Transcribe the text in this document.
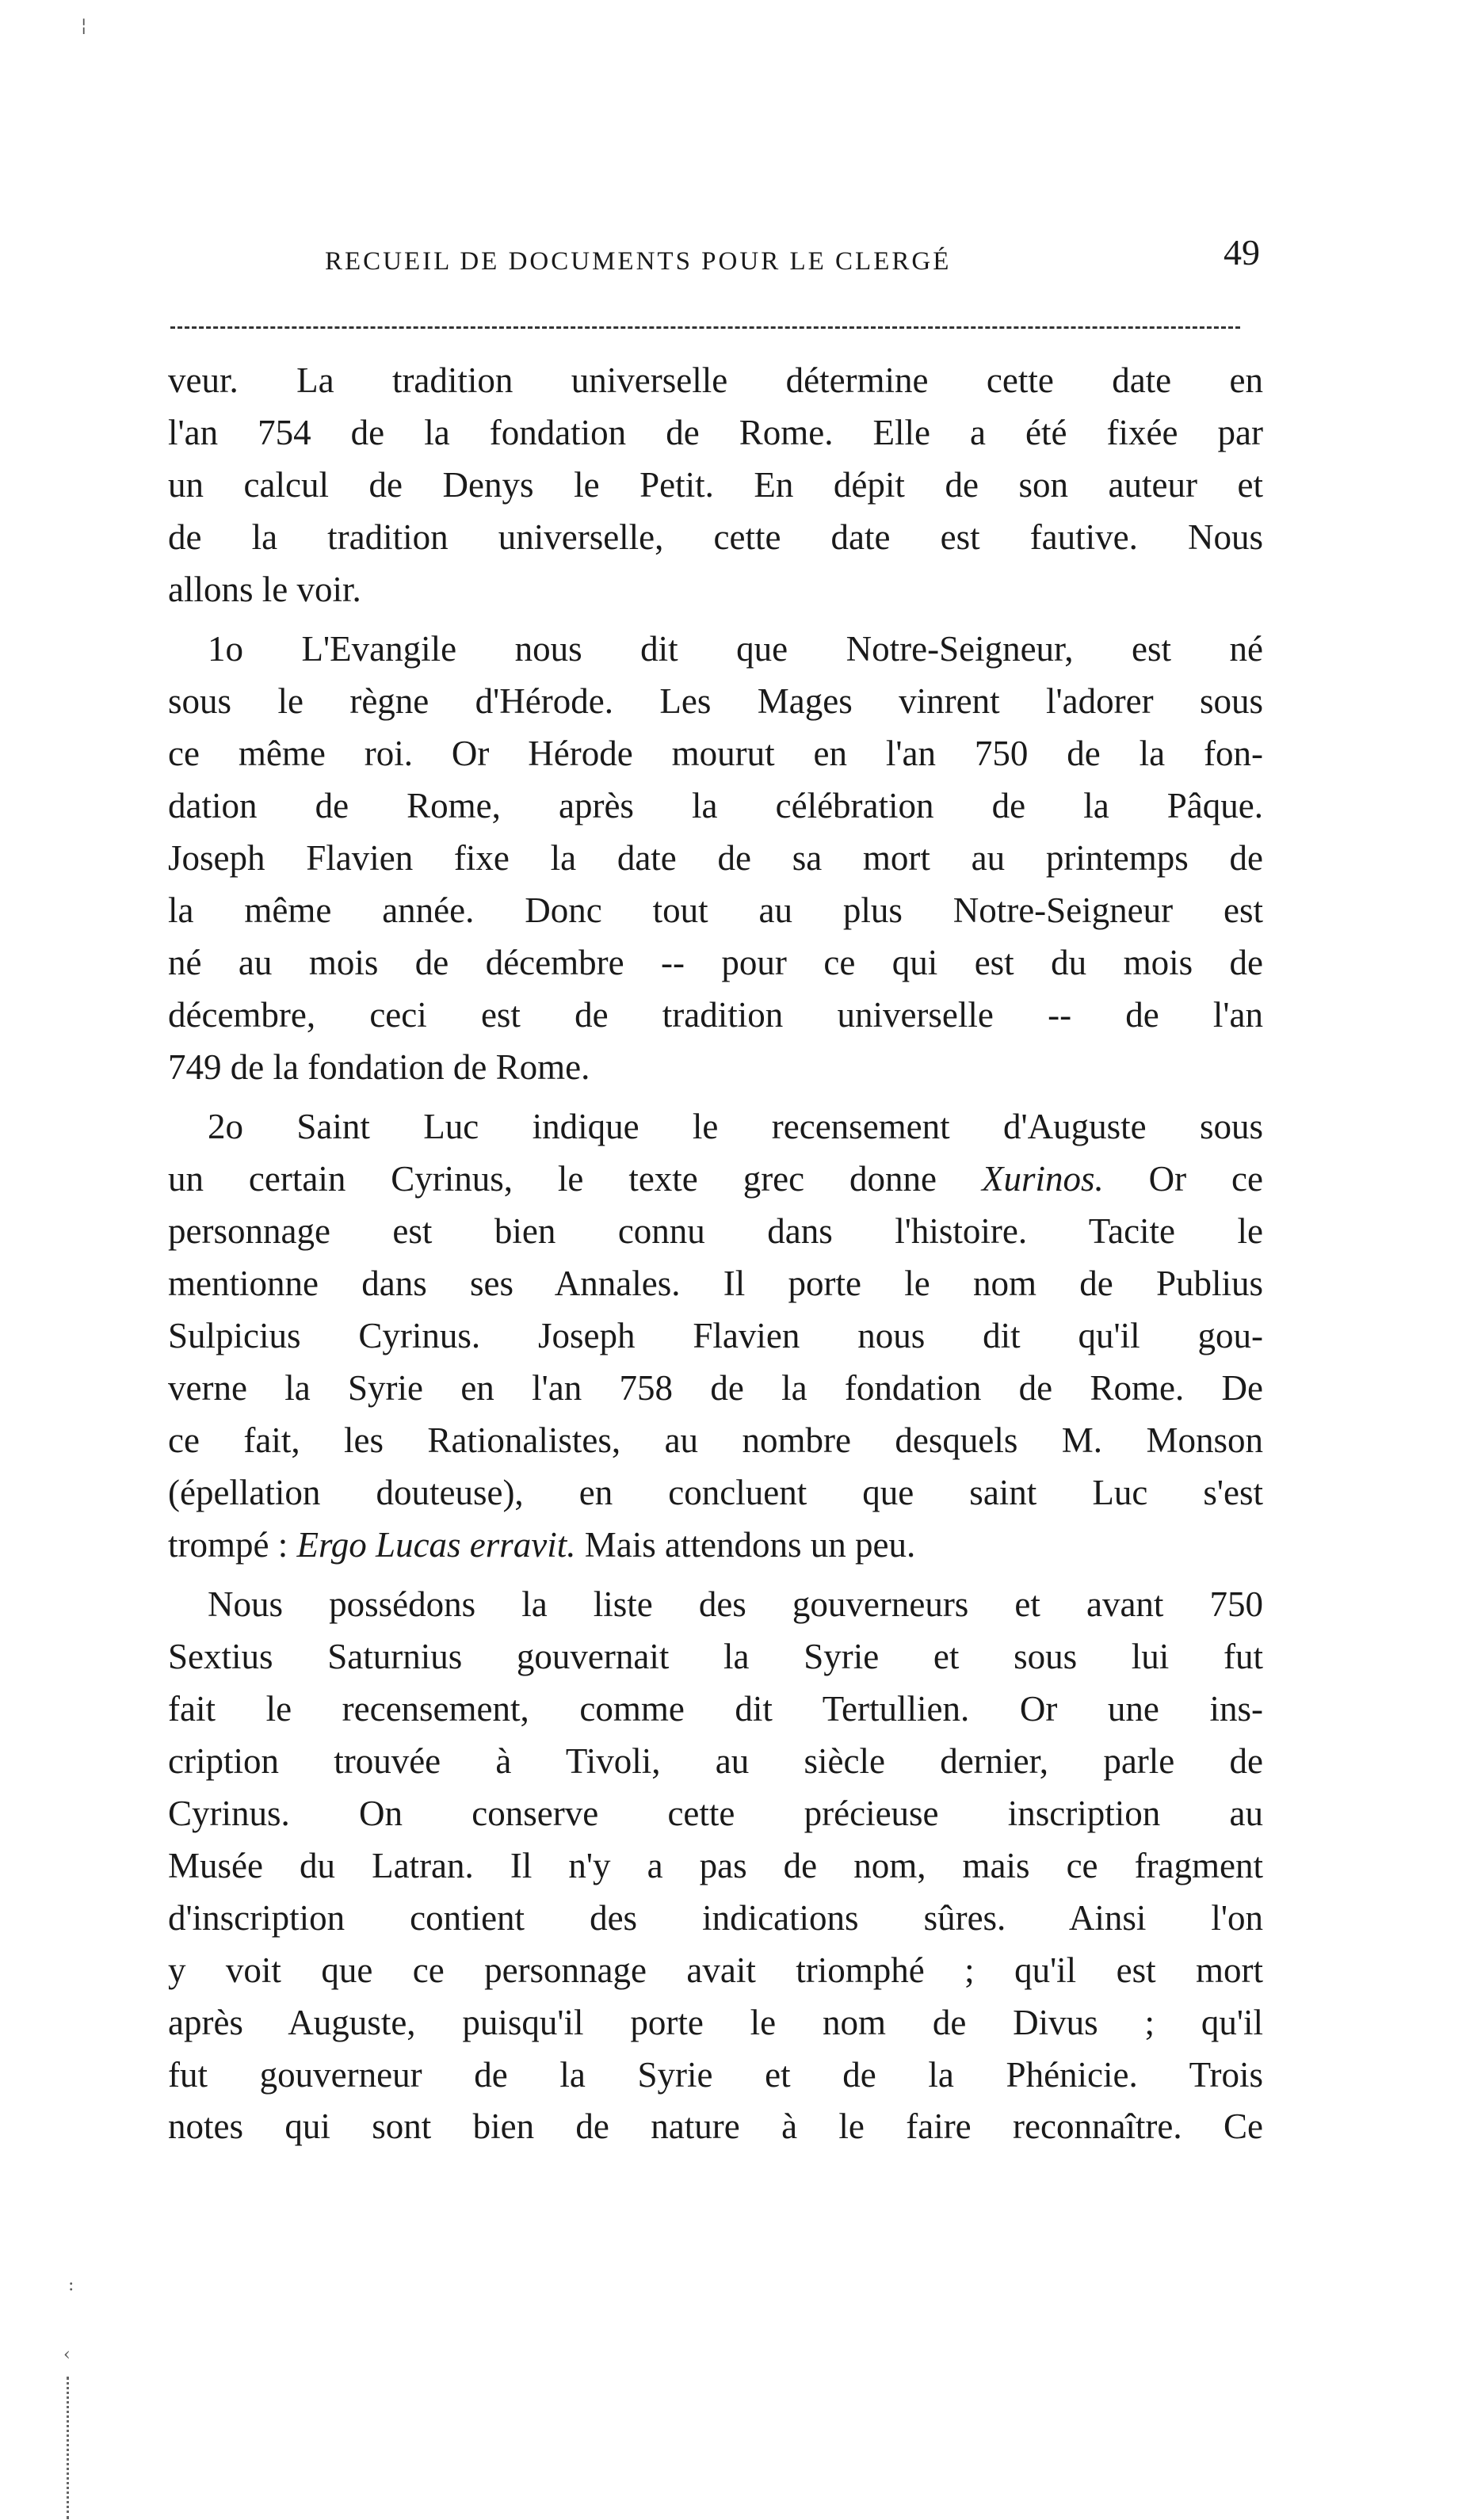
¦
RECUEIL DE DOCUMENTS POUR LE CLERGÉ	49
veur. La tradition universelle détermine cette date en
l'an 754 de la fondation de Rome. Elle a été fixée par
un calcul de Denys le Petit. En dépit de son auteur et
de la tradition universelle, cette date est fautive. Nous
allons le voir.
1o L'Evangile nous dit que Notre-Seigneur, est né
sous le règne d'Hérode. Les Mages vinrent l'adorer sous
ce même roi. Or Hérode mourut en l'an 750 de la fon-
dation de Rome, après la célébration de la Pâque.
Joseph Flavien fixe la date de sa mort au printemps de
la même année. Donc tout au plus Notre-Seigneur est
né au mois de décembre -- pour ce qui est du mois de
décembre, ceci est de tradition universelle -- de l'an
749 de la fondation de Rome.
2o Saint Luc indique le recensement d'Auguste sous
un certain Cyrinus, le texte grec donne Xurinos. Or ce
personnage est bien connu dans l'histoire. Tacite le
mentionne dans ses Annales. Il porte le nom de Publius
Sulpicius Cyrinus. Joseph Flavien nous dit qu'il gou-
verne la Syrie en l'an 758 de la fondation de Rome. De
ce fait, les Rationalistes, au nombre desquels M. Monson
(épellation douteuse), en concluent que saint Luc s'est
trompé : Ergo Lucas erravit. Mais attendons un peu.
Nous possédons la liste des gouverneurs et avant 750
Sextius Saturnius gouvernait la Syrie et sous lui fut
fait le recensement, comme dit Tertullien. Or une ins-
cription trouvée à Tivoli, au siècle dernier, parle de
Cyrinus. On conserve cette précieuse inscription au
Musée du Latran. Il n'y a pas de nom, mais ce fragment
d'inscription contient des indications sûres. Ainsi l'on
y voit que ce personnage avait triomphé ; qu'il est mort
après Auguste, puisqu'il porte le nom de Divus ; qu'il
fut gouverneur de la Syrie et de la Phénicie. Trois
notes qui sont bien de nature à le faire reconnaître. Ce
:
‹
